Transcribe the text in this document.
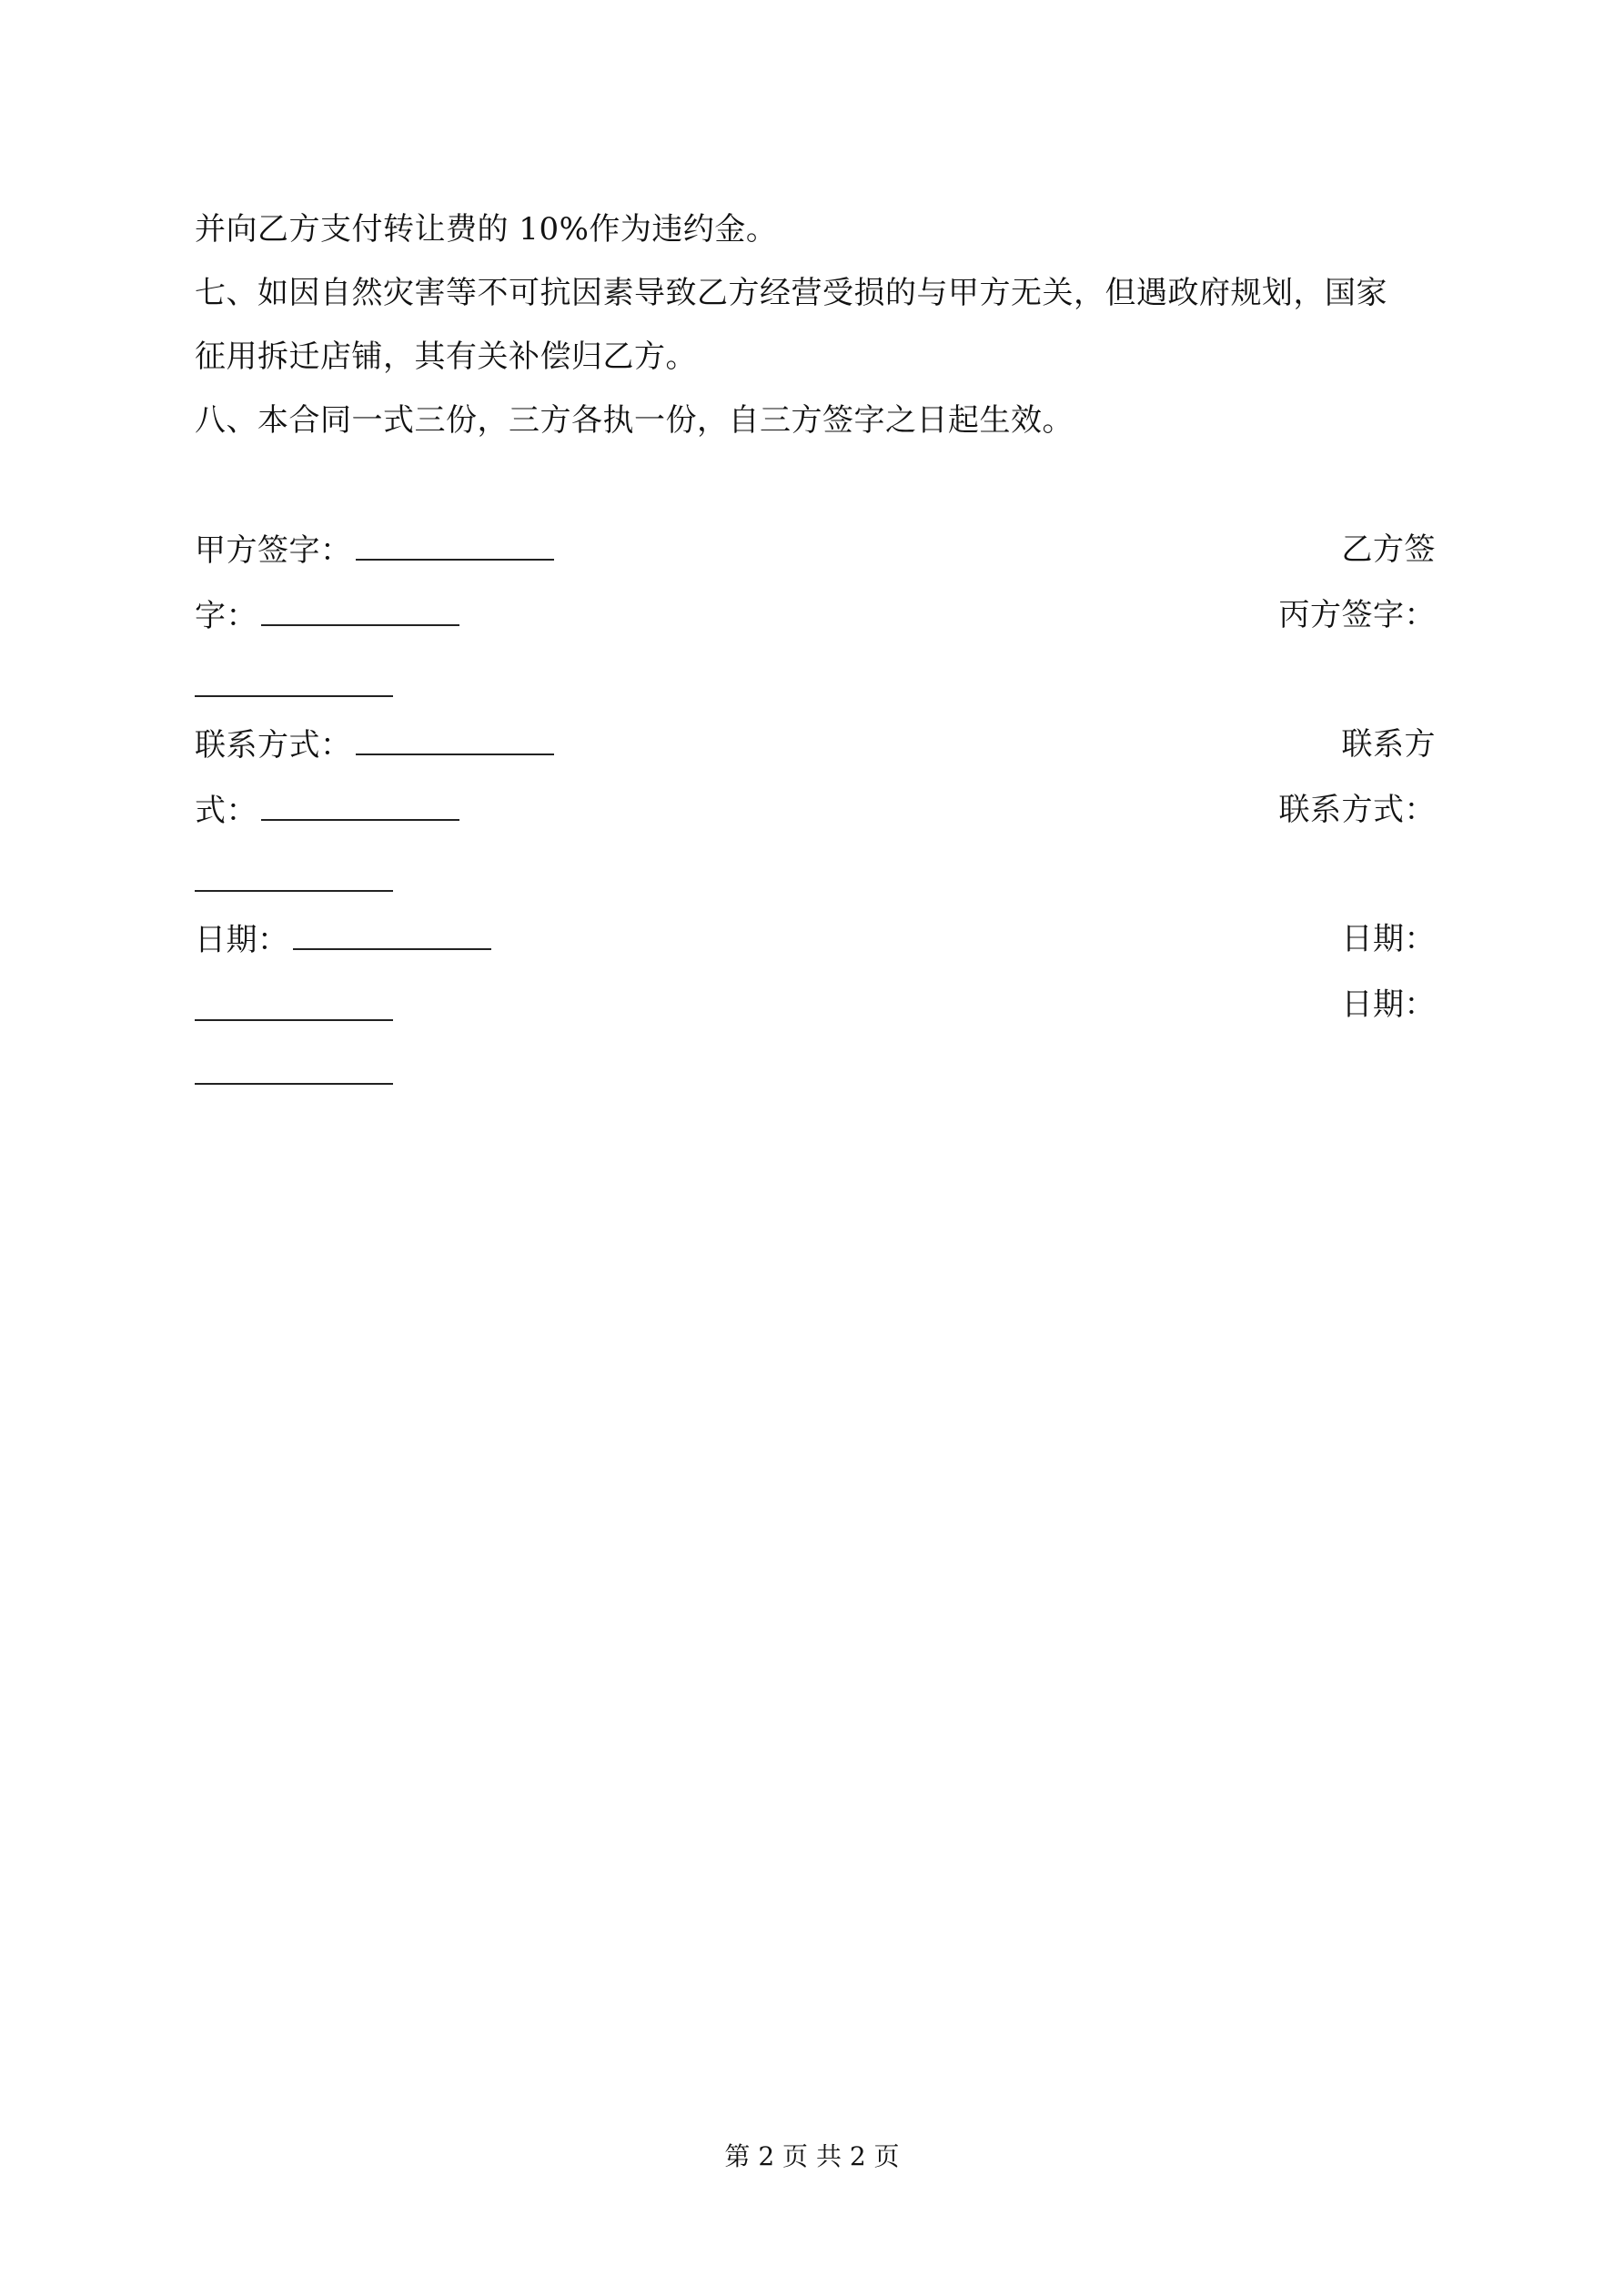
并向乙方支付转让费的 10%作为违约金。
七、如因自然灾害等不可抗因素导致乙方经营受损的与甲方无关，但遇政府规划，国家
征用拆迁店铺，其有关补偿归乙方。
八、本合同一式三份，三方各执一份，自三方签字之日起生效。
甲方签字：	乙方签
字：	丙方签字：
联系方式：	联系方
式：	联系方式：
日期：	日期：
日期：
第 2 页 共 2 页
